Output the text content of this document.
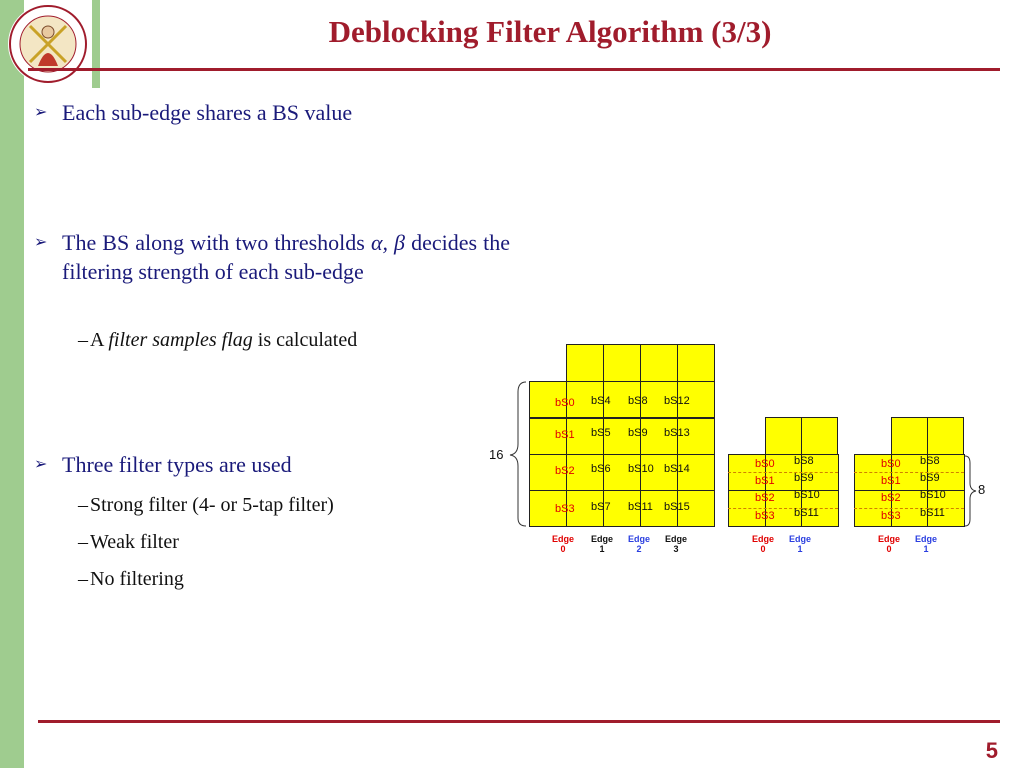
Deblocking Filter Algorithm (3/3)
➢ Each sub-edge shares a BS value
➢ The BS along with two thresholds α, β decides the filtering strength of each sub-edge
– A filter samples flag is calculated
➢ Three filter types are used
– Strong filter (4- or 5-tap filter)
– Weak filter
– No filtering
bS0 bS4 bS8 bS12
bS1 bS5 bS9 bS13
bS2 bS6 bS10 bS14
bS3 bS7 bS11 bS15
16
Edge
0
Edge
1
Edge
2
Edge
3
bS0 bS8
bS1 bS9
bS2 bS10
bS3 bS11
Edge
0
Edge
1
bS0 bS8
bS1 bS9
bS2 bS10
bS3 bS11
Edge
0
Edge
1
8
5
